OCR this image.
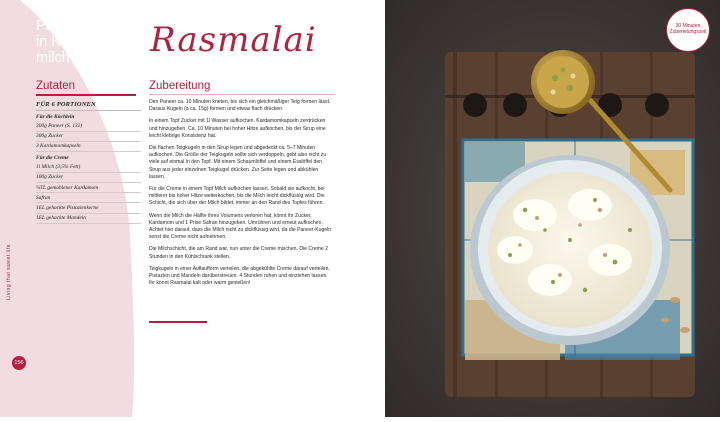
Paneer-Küchlein
in Kardamom-
milch	Rasmalai
Zutaten	Zubereitung
FÜR 6 PORTIONEN
Für die Küchlein
300g Paneer (S. 132)
300g Zucker
3 Kardamomkapseln
Für die Creme
1l Milch (3,5% Fett)
100g Zucker
¼TL gemahlener Kardamom
Safran
1EL gehackte Pistazienkerne
1EL gehackte Mandeln

Den Paneer ca. 10 Minuten kneten, bis sich ein gleichmäßiger Teig formen lässt. Daraus Kugeln (à ca. 15g) formen und etwas flach drücken.

In einem Topf Zucker mit 1l Wasser aufkochen. Kardamomkapseln zerdrücken und hinzugeben. Ca. 10 Minuten bei hoher Hitze aufkochen, bis der Sirup eine leicht klebrige Konsistenz hat.

Die flachen Teigkugeln in den Sirup legen und abgedeckt ca. 5–7 Minuten aufkochen. Die Größe der Teigkugeln sollte sich verdoppeln, gebt also nicht zu viele auf einmal in den Topf. Mit einem Schaumlöffel und einem Esslöffel den Sirup aus jeder einzelnen Teigkugel drücken. Zur Seite legen und abkühlen lassen.

Für die Creme in einem Topf Milch aufkochen lassen. Sobald sie aufkocht, bei mittlerer bis hoher Hitze weiterkochen, bis die Milch leicht dickflüssig wird. Die Schicht, die sich über der Milch bildet, immer an den Rand des Topfes führen.

Wenn die Milch die Hälfte ihres Volumens verloren hat, könnt ihr Zucker, Kardamom und 1 Prise Safran hinzugeben. Umrühren und erneut aufkochen. Achtet hier darauf, dass die Milch nicht zu dickflüssig wird, da die Paneer-Kugeln sonst die Creme nicht aufnehmen.

Die Milchschicht, die am Rand war, nun unter die Creme mischen. Die Creme 2 Stunden in den Kühlschrank stellen.

Teigkugeln in einer Auflaufform verteilen, die abgekühlte Creme darauf verteilen. Pistazien und Mandeln darüberstreuen. 4 Stunden ruhen und einziehen lassen. Ihr könnt Rasmalai kalt oder warm genießen!

Living that sweet life
156
30 Minuten
Zubereitungszeit
